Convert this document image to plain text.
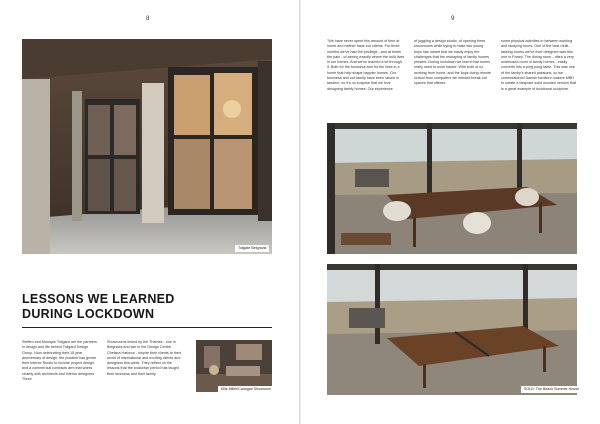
8
Tollgate Belgravia
LESSONS WE LEARNED
DURING LOCKDOWN
Steffen and Monique Tollgard are the partners in design and life behind Tollgard Design Group. Now celebrating their 15 year anniversary of design, the practice has grown their Interior Studio to include project design and a commercial contracts arm that works closely with architects and interior designers. Three
Showrooms linked by the Thames - one in Belgravia and two in the Design Centre, Chelsea Harbour - inspire their clients to their world of international and exciting clients and designers this week. They reflect on the lessons that the lockdown period has taught their business and their family.
Ellis Miller/Cadogan Showroom
9
"We have never spent this amount of time at home and neither have our clients. For three months we've had the privilege - and at times the pain - of seeing exactly where the built lives in our homes. And we've learned a lot through it. Both for the business and for the lives in a home that help shape happier homes. Our business and our family have been raised in tandem, so it's no surprise that we love designing family homes. Our experience
of juggling a design studio, of opening three showrooms while trying to raise two young boys has meant that we easily enjoy the challenges that the reshaping of family homes present. During lockdown we learnt that rooms really need to work harder. With both of us working from home, and the boys doing remote school from computers we needed break out spaces that offered
some physical activities in between working and studying hours. One of the best multi-tasking rooms we've ever designed was this one in Fowey. The dining room - often a very underused room in family homes - easily converts into a ping pong table. This was one of the family's shared passions, so we commissioned Danish furniture makers MBH to create a bespoke solid wooden version that is a great example of functional sculpture.
SOLD: The Beach Summer House
